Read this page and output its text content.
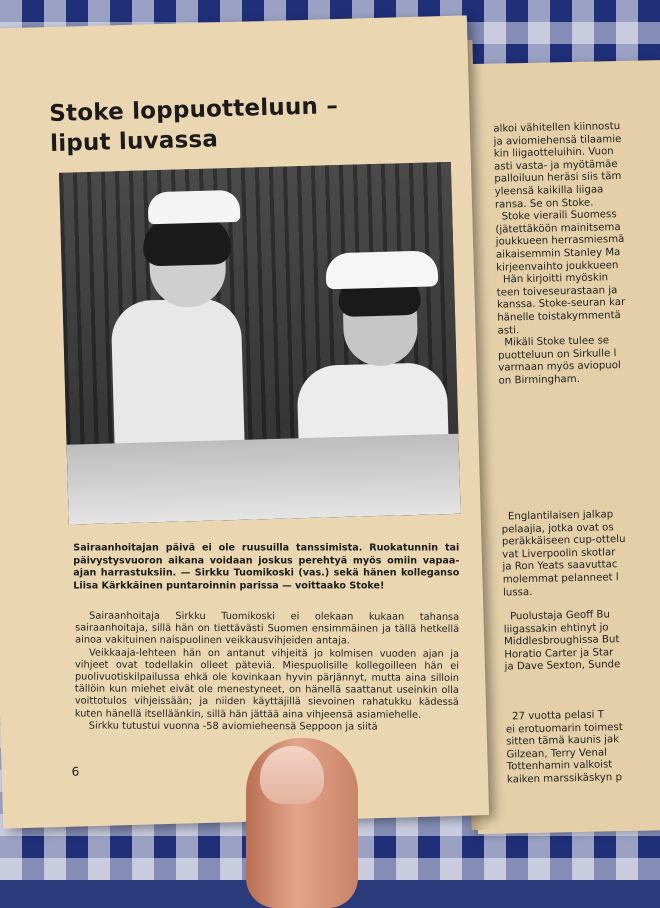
alkoi vähitellen kiinnostu

ja aviomiehensä tilaamie

kin liigaotteluihin. Vuon

asti vasta- ja myötämäe

palloiluun heräsi siis täm

yleensä kaikilla liigaa

ransa. Se on Stoke.

Stoke vieraili Suomess

(jätettäköön mainitsema

joukkueen herrasmiesmä

aikaisemmin Stanley Ma

kirjeenvaihto joukkueen

Hän kirjoitti myöskin

teen toiveseurastaan ja

kanssa. Stoke-seuran kar

hänelle toistakymmentä

asti.

Mikäli Stoke tulee se

puotteluun on Sirkulle l

varmaan myös aviopuol

on Birmingham.

Englantilaisen jalkap

pelaajia, jotka ovat os

peräkkäiseen cup-ottelu

vat Liverpoolin skotlar

ja Ron Yeats saavuttac

molemmat pelanneet l

lussa.

Puolustaja Geoff Bu

liigassakin ehtinyt jo

Middlesbroughissa But

Horatio Carter ja Star

ja Dave Sexton, Sunde

27 vuotta pelasi T

ei erotuomarin toimest

sitten tämä kaunis jak

Gilzean, Terry Venal

Tottenhamin valkoist

kaiken marssikäskyn p

Stoke loppuotteluun –
liput luvassa
Sairaanhoitajan päivä ei ole ruusuilla tanssimista. Ruokatunnin tai päivystysvuoron aikana voidaan joskus perehtyä myös omiin vapaa-ajan harrastuksiin. — Sirkku Tuomikoski (vas.) sekä hänen kolleganso Liisa Kärkkäinen puntaroinnin parissa — voittaako Stoke!

Sairaanhoitaja Sirkku Tuomikoski ei olekaan kukaan tahansa sairaanhoitaja, sillä hän on tiettävästi Suomen ensimmäinen ja tällä hetkellä ainoa vakituinen naispuolinen veikkausvihjeiden antaja.

Veikkaaja-lehteen hän on antanut vihjeitä jo kolmisen vuoden ajan ja vihjeet ovat todellakin olleet päteviä. Miespuolisille kollegoilleen hän ei puolivuotiskilpailussa ehkä ole kovinkaan hyvin pärjännyt, mutta aina silloin tällöin kun miehet eivät ole menestyneet, on hänellä saattanut useinkin olla voittotulos vihjeissään; ja niiden käyttäjillä sievoinen rahatukku kädessä kuten hänellä itselläänkin, sillä hän jättää aina vihjeensä asiamiehelle.

Sirkku tutustui vuonna -58 aviomieheensä Seppoon ja siitä

6
